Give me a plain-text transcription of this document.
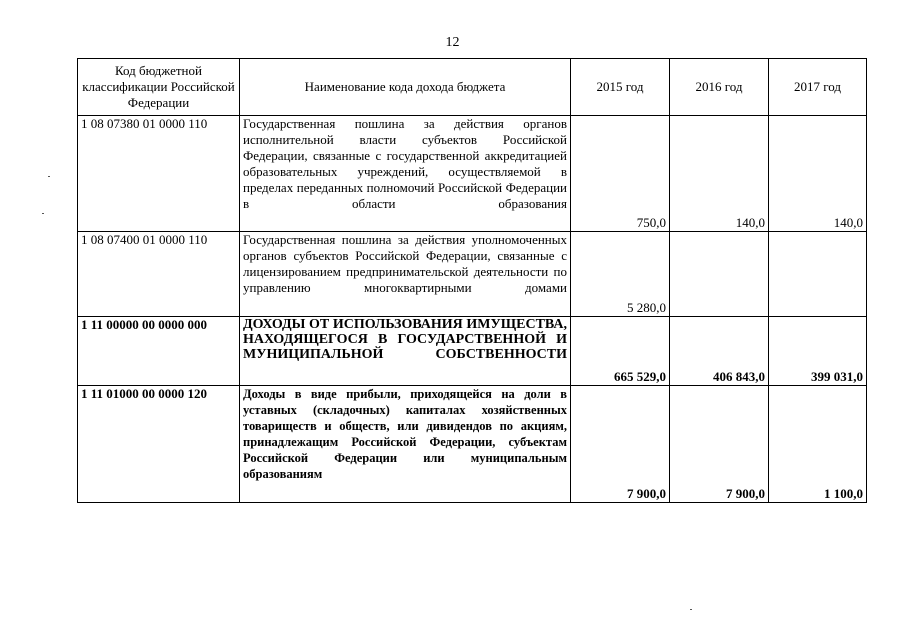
12
Код бюджетной классификации Российской Федерации	Наименование кода дохода бюджета	2015 год	2016 год	2017 год
1 08 07380 01 0000 110	Государственная пошлина за действия органов исполнительной власти субъектов Российской Федерации, связанные с государственной аккредитацией образовательных учреждений, осуществляемой в пределах переданных полномочий Российской Федерации в области образования	750,0	140,0	140,0
1 08 07400 01 0000 110	Государственная пошлина за действия уполномоченных органов субъектов Российской Федерации, связанные с лицензированием предпринимательской деятельности по управлению многоквартирными домами	5 280,0		
1 11 00000 00 0000 000	ДОХОДЫ ОТ ИСПОЛЬЗОВАНИЯ ИМУЩЕСТВА, НАХОДЯЩЕГОСЯ В ГОСУДАРСТВЕННОЙ И МУНИЦИПАЛЬНОЙ СОБСТВЕННОСТИ	665 529,0	406 843,0	399 031,0
1 11 01000 00 0000 120	Доходы в виде прибыли, приходящейся на доли в уставных (складочных) капиталах хозяйственных товариществ и обществ, или дивидендов по акциям, принадлежащим Российской Федерации, субъектам Российской Федерации или муниципальным образованиям	7 900,0	7 900,0	1 100,0
